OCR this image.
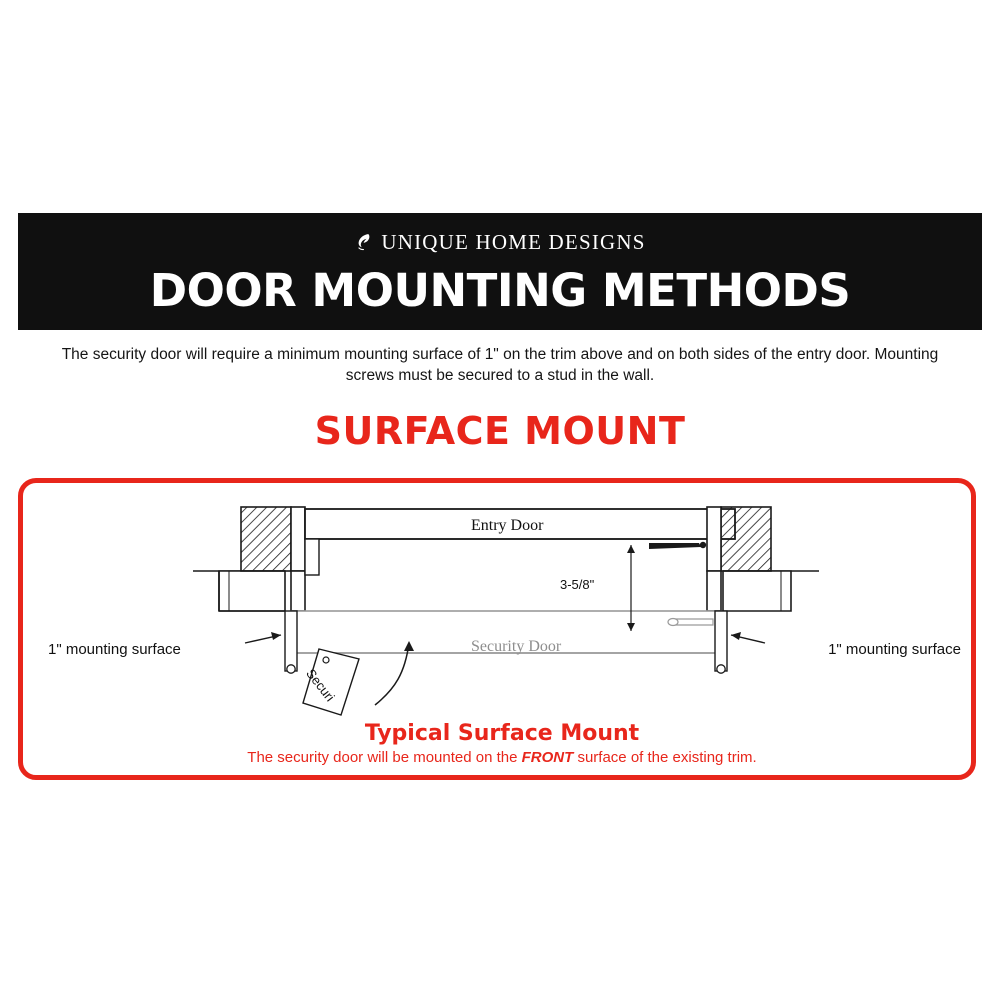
UNIQUE HOME DESIGNS
DOOR MOUNTING METHODS
The security door will require a minimum mounting surface of 1" on the trim above and on both sides of the entry door. Mounting screws must be secured to a stud in the wall.
SURFACE MOUNT
Entry Door
Security Door
3-5/8"
1" mounting surface	1" mounting surface
Securi
Typical Surface Mount
The security door will be mounted on the FRONT surface of the existing trim.
